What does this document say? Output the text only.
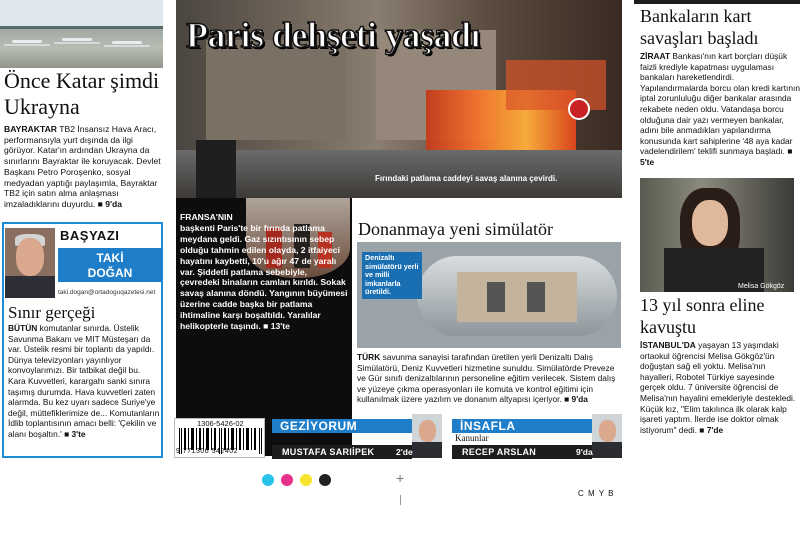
Önce Katar şimdi Ukrayna
BAYRAKTAR TB2 İnsansız Hava Aracı, performansıyla yurt dışında da ilgi görüyor. Katar'ın ardından Ukrayna da sınırlarını Bayraktar ile koruyacak. Devlet Başkanı Petro Poroşenko, sosyal medyadan yaptığı paylaşımla, Bayraktar TB2 için satın alma anlaşması imzaladıklarını duyurdu. ■ 9'da
BAŞYAZI
TAKİ
DOĞAN
taki.dogan@ortadoguqazetesi.net
Sınır gerçeği
BÜTÜN komutanlar sınırda. Üstelik Savunma Bakanı ve MIT Müsteşarı da var. Üstelik resmi bir toplantı da yapıldı. Dünya televizyonları yayınlıyor konvoylarımızı. Bir tatbikat değil bu. Kara Kuvvetleri, karargahı sanki sınıra taşımış durumda. Hava kuvvetleri zaten alarmda. Bu kez uyarı sadece Suriye'ye değil, müttefiklerimize de... Komutanların İdlib toplantısının amacı belli: 'Çekilin ve alanı boşaltın.' ■ 3'te
Paris dehşeti yaşadı
Fırındaki patlama caddeyi savaş alanına çevirdi.
FRANSA'NIN
başkenti Paris'te bir fırında patlama meydana geldi. Gaz sızıntısının sebep olduğu tahmin edilen olayda, 2 itfaiyeci hayatını kaybetti, 10'u ağır 47 de yaralı var. Şiddetli patlama sebebiyle, çevredeki binaların camları kırıldı. Sokak savaş alanına döndü. Yangının büyümesi üzerine cadde başka bir patlama ihtimaline karşı boşaltıldı. Yaralılar helikopterle taşındı. ■ 13'te
Donanmaya yeni simülatör
Denizaltı simülatörü yerli ve milli imkanlarla üretildi.
TÜRK savunma sanayisi tarafından üretilen yerli Denizaltı Dalış Simülatörü, Deniz Kuvvetleri hizmetine sunuldu. Simülatörde Preveze ve Gür sınıfı denizaltılarının personeline eğitim verilecek. Sistem dalış ve yüzeye çıkma operasyonları ile komuta ve kontrol eğitimi için kullanılmak üzere yazılım ve donanım altyapısı içeriyor. ■ 9'da
1306-5426-02
9 771306 542402
GEZİYORUM
Şanlıurfa
MUSTAFA SARIİPEK	2'de
İNSAFLA
Kanunlar
RECEP ARSLAN	9'da
Bankaların kart savaşları başladı
ZİRAAT Bankası'nın kart borçları düşük faizli krediyle kapatması uygulaması bankaları hareketlendirdi. Yapılandırmalarda borcu olan kredi kartının iptal zorunluluğu diğer bankalar arasında rekabete neden oldu. Vatandaşa borcu olduğuna dair yazı vermeyen bankalar, adını bile anmadıkları yapılandırma konusunda kart sahiplerine '48 aya kadar vadelendirilem' teklifi sunmaya başladı. ■ 5'te
Melisa Gökgöz
13 yıl sonra eline kavuştu
İSTANBUL'DA yaşayan 13 yaşındaki ortaokul öğrencisi Melisa Gökgöz'ün doğuştan sağ eli yoktu. Melisa'nın hayalleri, Robotel Türkiye sayesinde gerçek oldu. 7 üniversite öğrencisi de Melisa'nın hayalini emekleriyle destekledi. Küçük kız, "Elim takılınca ilk olarak kalp işareti yaptım. İlerde ise doktor olmak istiyorum" dedi. ■ 7'de
+
C M Y B
